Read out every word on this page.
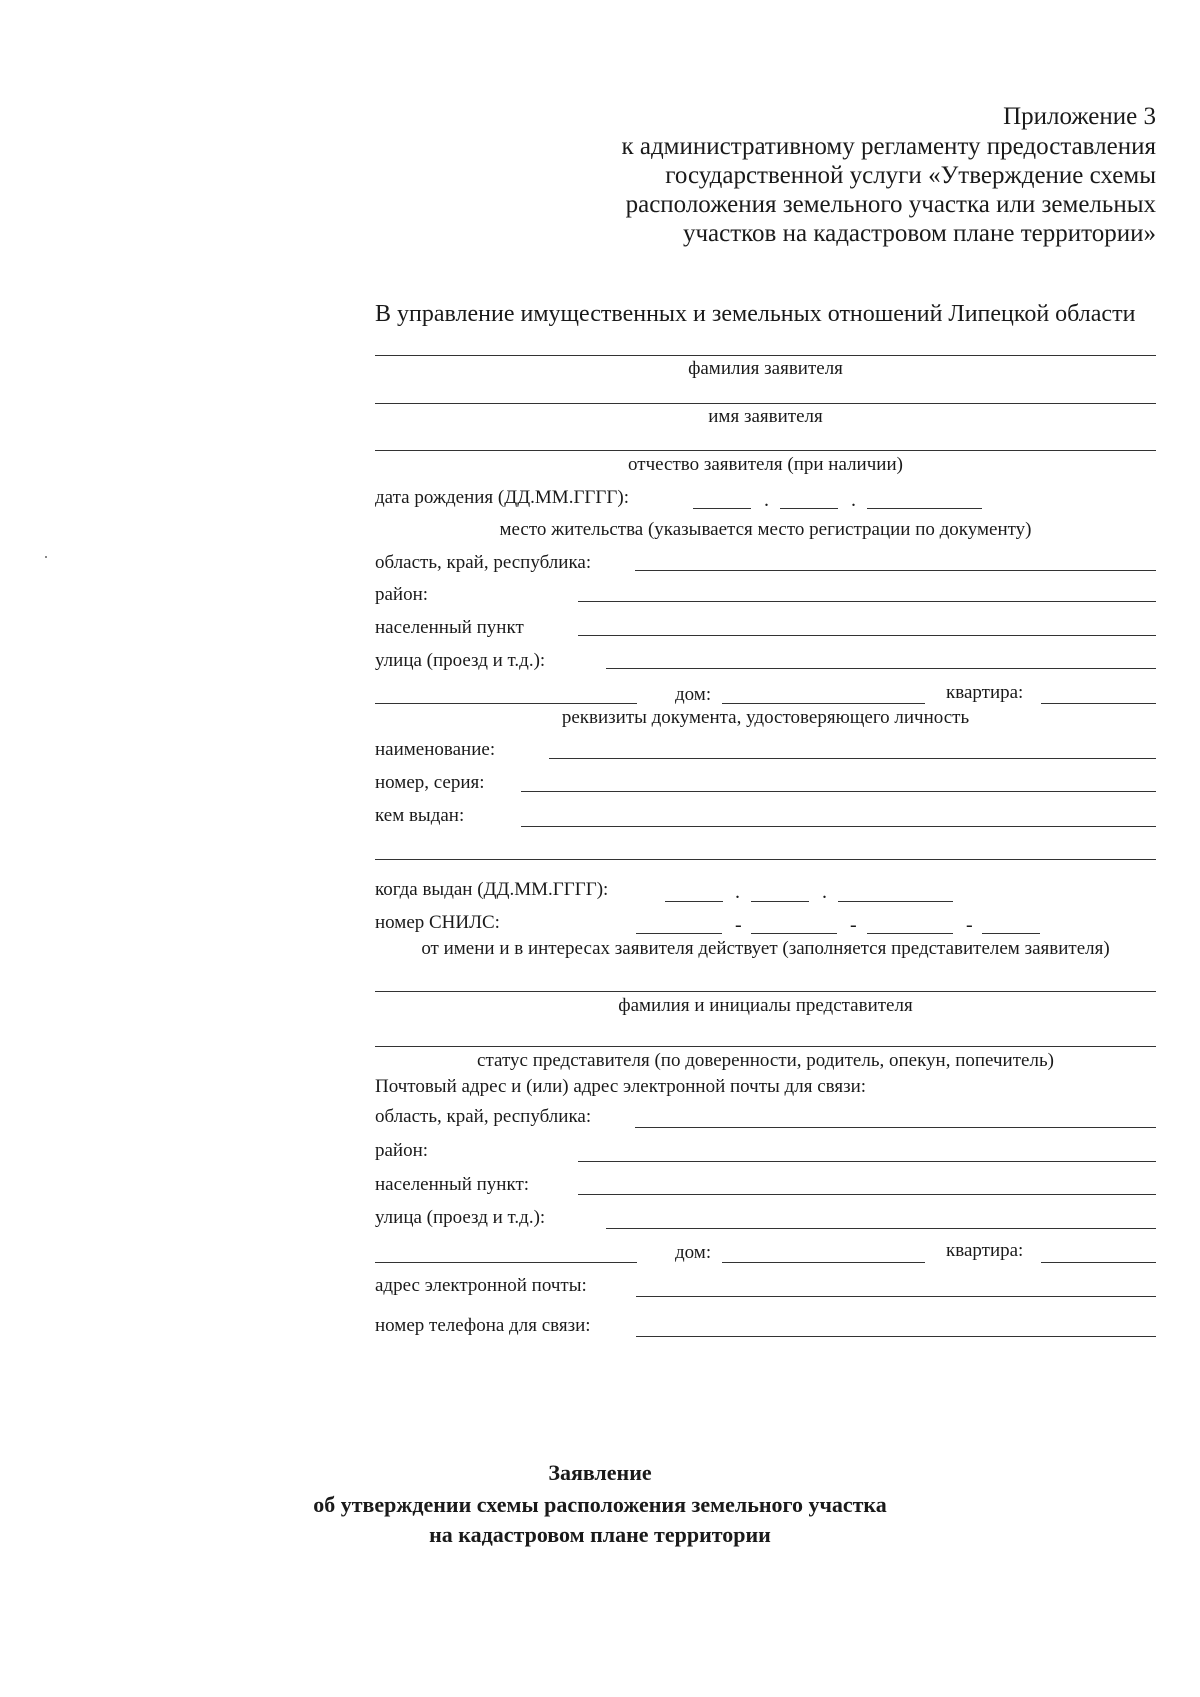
Приложение 3
к административному регламенту предоставления
государственной услуги «Утверждение схемы
расположения земельного участка или земельных
участков на кадастровом плане территории»
В управление имущественных и земельных отношений Липецкой области
фамилия заявителя
имя заявителя
отчество заявителя (при наличии)
дата рождения (ДД.ММ.ГГГГ):	.	.
место жительства (указывается место регистрации по документу)
область, край, республика:
район:
населенный пункт
улица (проезд и т.д.):
дом:	квартира:
реквизиты документа, удостоверяющего личность
наименование:
номер, серия:
кем выдан:
когда выдан (ДД.ММ.ГГГГ):	.	.
номер СНИЛС:	-	-	-
от имени и в интересах заявителя действует (заполняется представителем заявителя)
фамилия и инициалы представителя
статус представителя (по доверенности, родитель, опекун, попечитель)
Почтовый адрес и (или) адрес электронной почты для связи:
область, край, республика:
район:
населенный пункт:
улица (проезд и т.д.):
дом:	квартира:
адрес электронной почты:
номер телефона для связи:
Заявление
об утверждении схемы расположения земельного участка
на кадастровом плане территории
